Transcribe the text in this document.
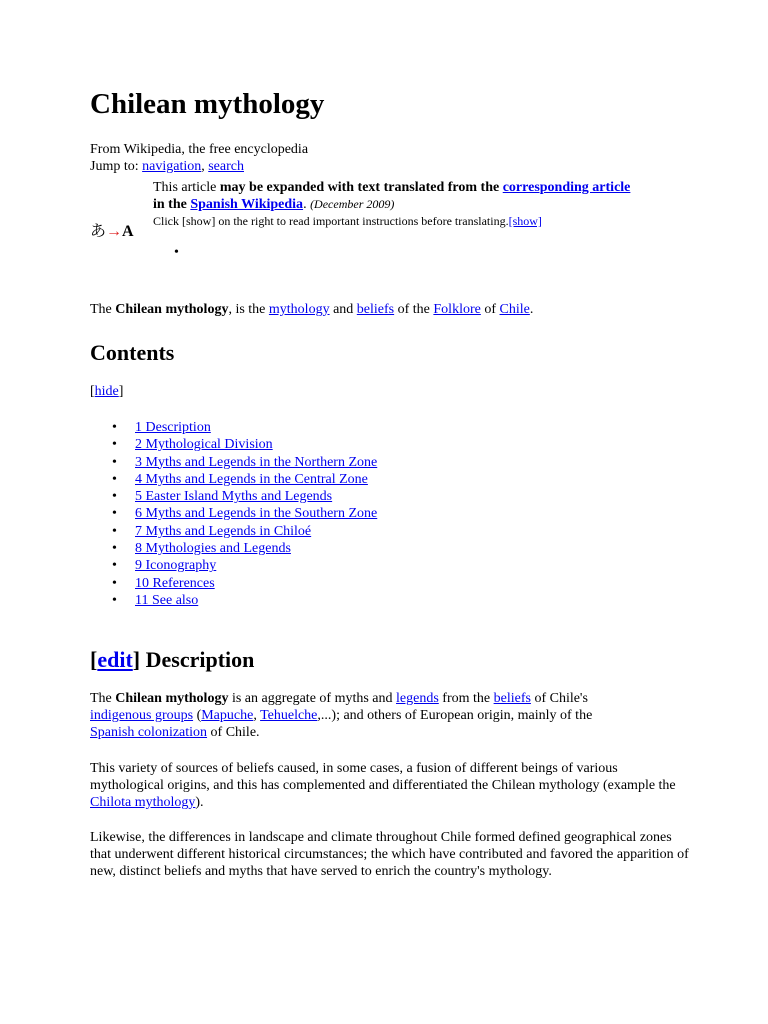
Chilean mythology
From Wikipedia, the free encyclopedia
Jump to: navigation, search
あ→A
This article may be expanded with text translated from the corresponding article
in the Spanish Wikipedia. (December 2009)
Click [show] on the right to read important instructions before translating.[show]
•
The Chilean mythology, is the mythology and beliefs of the Folklore of Chile.
Contents
[hide]
• 1 Description
• 2 Mythological Division
• 3 Myths and Legends in the Northern Zone
• 4 Myths and Legends in the Central Zone
• 5 Easter Island Myths and Legends
• 6 Myths and Legends in the Southern Zone
• 7 Myths and Legends in Chiloé
• 8 Mythologies and Legends
• 9 Iconography
• 10 References
• 11 See also
[edit] Description

The Chilean mythology is an aggregate of myths and legends from the beliefs of Chile's
indigenous groups (Mapuche, Tehuelche,...); and others of European origin, mainly of the
Spanish colonization of Chile.

This variety of sources of beliefs caused, in some cases, a fusion of different beings of various mythological origins, and this has complemented and differentiated the Chilean mythology (example the Chilota mythology).

Likewise, the differences in landscape and climate throughout Chile formed defined geographical zones that underwent different historical circumstances; the which have contributed and favored the apparition of new, distinct beliefs and myths that have served to enrich the country's mythology.
